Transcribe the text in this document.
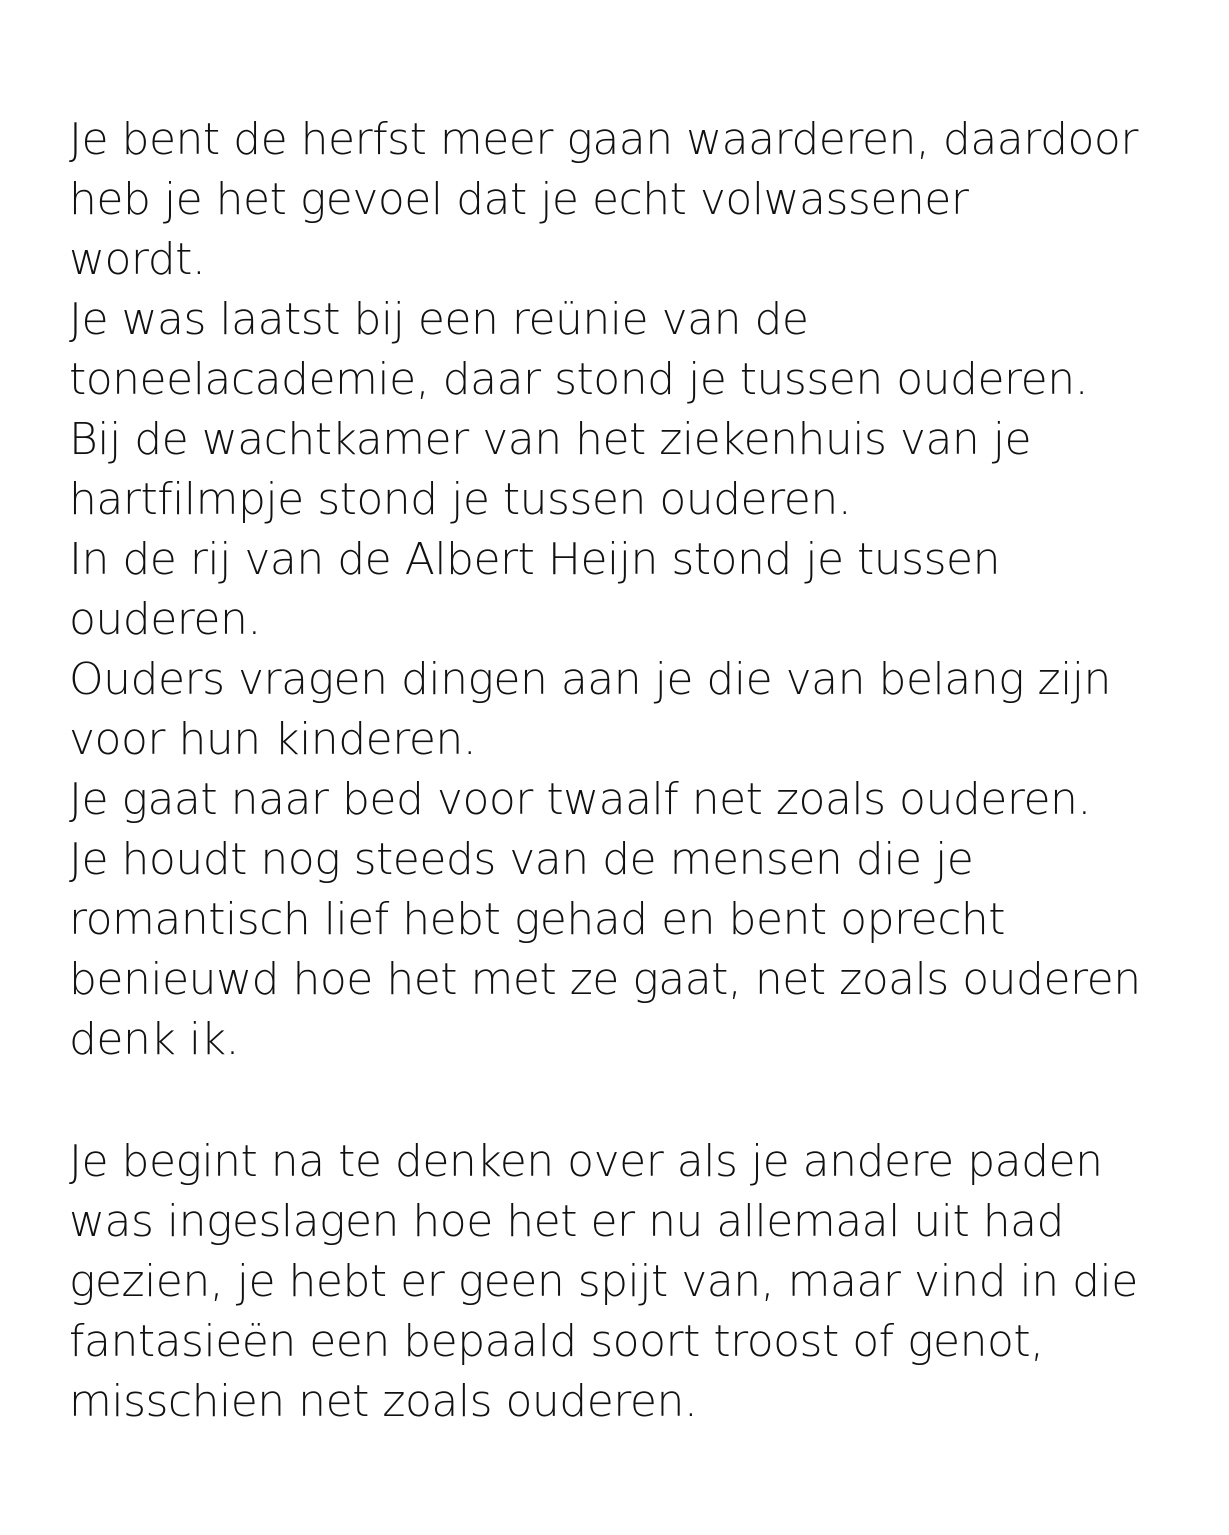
Je bent de herfst meer gaan waarderen, daardoor
heb je het gevoel dat je echt volwassener
wordt.
Je was laatst bij een reünie van de
toneelacademie, daar stond je tussen ouderen.
Bij de wachtkamer van het ziekenhuis van je
hartfilmpje stond je tussen ouderen.
In de rij van de Albert Heijn stond je tussen
ouderen.
Ouders vragen dingen aan je die van belang zijn
voor hun kinderen.
Je gaat naar bed voor twaalf net zoals ouderen.
Je houdt nog steeds van de mensen die je
romantisch lief hebt gehad en bent oprecht
benieuwd hoe het met ze gaat, net zoals ouderen
denk ik.
Je begint na te denken over als je andere paden
was ingeslagen hoe het er nu allemaal uit had
gezien, je hebt er geen spijt van, maar vind in die
fantasieën een bepaald soort troost of genot,
misschien net zoals ouderen.
